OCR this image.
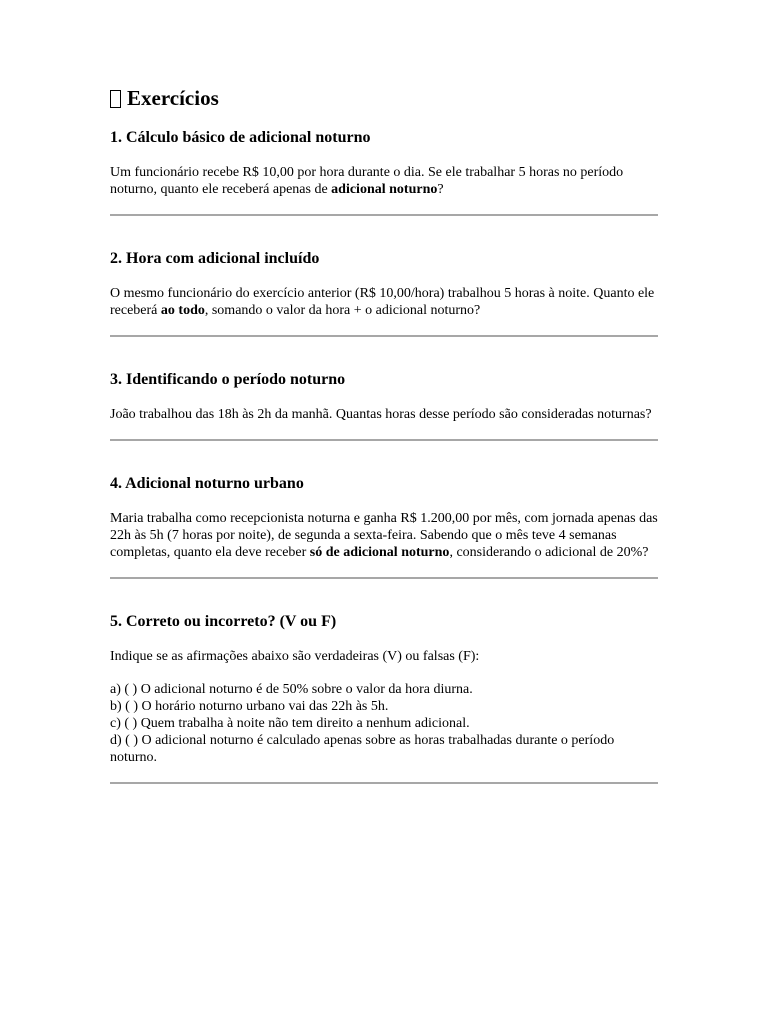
Exercícios
1. Cálculo básico de adicional noturno

Um funcionário recebe R$ 10,00 por hora durante o dia. Se ele trabalhar 5 horas no período noturno, quanto ele receberá apenas de adicional noturno?

2. Hora com adicional incluído

O mesmo funcionário do exercício anterior (R$ 10,00/hora) trabalhou 5 horas à noite. Quanto ele receberá ao todo, somando o valor da hora + o adicional noturno?

3. Identificando o período noturno

João trabalhou das 18h às 2h da manhã. Quantas horas desse período são consideradas noturnas?

4. Adicional noturno urbano

Maria trabalha como recepcionista noturna e ganha R$ 1.200,00 por mês, com jornada apenas das 22h às 5h (7 horas por noite), de segunda a sexta-feira. Sabendo que o mês teve 4 semanas completas, quanto ela deve receber só de adicional noturno, considerando o adicional de 20%?

5. Correto ou incorreto? (V ou F)

Indique se as afirmações abaixo são verdadeiras (V) ou falsas (F):

a) ( ) O adicional noturno é de 50% sobre o valor da hora diurna.

b) ( ) O horário noturno urbano vai das 22h às 5h.

c) ( ) Quem trabalha à noite não tem direito a nenhum adicional.

d) ( ) O adicional noturno é calculado apenas sobre as horas trabalhadas durante o período noturno.
